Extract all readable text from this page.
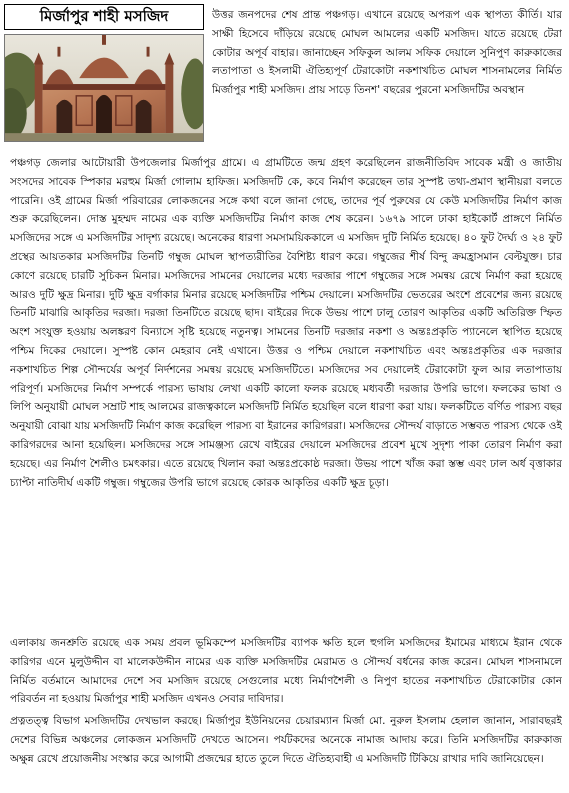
মির্জাপুর শাহী মসজিদ	উত্তর জনপদের শেষ প্রান্ত পঞ্চগড়। এখানে রয়েছে অপরূপ এক স্থাপত্য কীর্তি। যার সাক্ষী হিসেবে দাঁড়িয়ে রয়েছে মোঘল আমলের একটি মসজিদ। যাতে রয়েছে টেরা কোটার অপূর্ব বাহার। জানাচ্ছেন সফিকুল আলম সফিক দেয়ালে সুনিপুণ কারুকাজের লতাপাতা ও ইসলামী ঐতিহ্যপূর্ণ টেরাকোটা নকশাখচিত মোঘল শাসনামলের নির্মিত মির্জাপুর শাহী মসজিদ। প্রায় সাড়ে তিনশ' বছরের পুরনো মসজিদটির অবস্থান

পঞ্চগড় জেলার আটোয়ারী উপজেলার মির্জাপুর গ্রামে। এ গ্রামটিতে জন্ম গ্রহণ করেছিলেন রাজনীতিবিদ সাবেক মন্ত্রী ও জাতীয় সংসদের সাবেক স্পিকার মরহুম মির্জা গোলাম হাফিজ। মসজিদটি কে, কবে নির্মাণ করেছেন তার সুস্পষ্ট তথ্য-প্রমাণ স্থানীয়রা বলতে পারেনি। ওই গ্রামের মির্জা পরিবারের লোকজনের সঙ্গে কথা বলে জানা গেছে, তাদের পূর্ব পুরুষের যে কেউ মসজিদটির নির্মাণ কাজ শুরু করেছিলেন। দোস্ত মুহম্মদ নামের এক ব্যক্তি মসজিদটির নির্মাণ কাজ শেষ করেন। ১৬৭৯ সালে ঢাকা হাইকোর্ট প্রাঙ্গণে নির্মিত মসজিদের সঙ্গে এ মসজিদটির সাদৃশ্য রয়েছে। অনেকের ধারণা সমসাময়িককালে এ মসজিদ দুটি নির্মিত হয়েছে। ৪০ ফুট দৈর্ঘ্য ও ২৪ ফুট প্রস্থের আয়তকার মসজিদটির তিনটি গম্বুজ মোঘল স্থাপত্যরীতির বৈশিষ্ট্য ধারণ করে। গম্বুজের শীর্ষ বিন্দু ক্রমহ্রাসমান বেল্টযুক্ত। চার কোণে রয়েছে চারটি সুচিকন মিনার। মসজিদের সামনের দেয়ালের মধ্যে দরজার পাশে গম্বুজের সঙ্গে সমন্বয় রেখে নির্মাণ করা হয়েছে আরও দুটি ক্ষুদ্র মিনার। দুটি ক্ষুদ্র বর্গাকার মিনার রয়েছে মসজিদটির পশ্চিম দেয়ালে। মসজিদটির ভেতরের অংশে প্রবেশের জন্য রয়েছে তিনটি মাঝারি আকৃতির দরজা। দরজা তিনটিতে রয়েছে ছাদ। বাইরের দিকে উভয় পাশে ঢালু তোরণ আকৃতির একটি অতিরিক্ত স্ফিত অংশ সংযুক্ত হওয়ায় অলঙ্করণ বিন্যাসে সৃষ্টি হয়েছে নতুনত্ব। সামনের তিনটি দরজার নকশা ও অন্তঃপ্রকৃতি প্যানেলে স্থাপিত হয়েছে পশ্চিম দিকের দেয়ালে। সুস্পষ্ট কোন মেহরাব নেই এখানে। উত্তর ও পশ্চিম দেয়ালে নকশাখচিত এবং অন্তঃপ্রকৃতির এক দরজার নকশাখচিত শিল্প সৌন্দর্যের অপূর্ব নির্দশনের সমন্বয় রয়েছে মসজিদটিতে। মসজিদের সব দেয়ালেই টেরাকোটা ফুল আর লতাপাতায় পরিপূর্ণ। মসজিদের নির্মাণ সম্পর্কে পারস্য ভাষায় লেখা একটি কালো ফলক রয়েছে মধ্যবর্তী দরজার উপরি ভাগে। ফলকের ভাষা ও লিপি অনুযায়ী মোঘল সম্রাট শাহ আলমের রাজত্বকালে মসজিদটি নির্মিত হয়েছিল বলে ধারণা করা যায়। ফলকটিতে বর্ণিত পারস্য বছর অনুযায়ী বোঝা যায় মসজিদটি নির্মাণ কাজ করেছিল পারস্য বা ইরানের কারিগররা। মসজিদের সৌন্দর্য বাড়াতে সম্ভবত পারস্য থেকে ওই কারিগরদের আনা হয়েছিল। মসজিদের সঙ্গে সামঞ্জস্য রেখে বাইরের দেয়ালে মসজিদের প্রবেশ মুখে সুদৃশ্য পাকা তোরণ নির্মাণ করা হয়েছে। এর নির্মাণ শৈলীও চমৎকার। এতে রয়েছে খিলান করা অন্তঃপ্রকোষ্ঠ দরজা। উভয় পাশে খাঁজ করা স্তম্ভ এবং ঢাল অর্ধ বৃত্তাকার চ্যাপ্টা নাতিদীর্ঘ একটি গম্বুজ। গম্বুজের উপরি ভাগে রয়েছে কোরক আকৃতির একটি ক্ষুদ্র চূড়া।

এলাকায় জনশ্রুতি রয়েছে এক সময় প্রবল ভূমিকম্পে মসজিদটির ব্যাপক ক্ষতি হলে হুগলি মসজিদের ইমামের মাধ্যমে ইরান থেকে কারিগর এনে মুলুউদ্দীন বা মালেকউদ্দীন নামের এক ব্যক্তি মসজিদটির মেরামত ও সৌন্দর্য বর্ধনের কাজ করেন। মোঘল শাসনামলে নির্মিত বর্তমানে আমাদের দেশে সব মসজিদ রয়েছে সেগুলোর মধ্যে নির্মাণশৈলী ও নিপুণ হাতের নকশাখচিত টেরাকোটার কোন পরিবর্তন না হওয়ায় মির্জাপুর শাহী মসজিদ এখনও সেবার দাবিদার।

প্রত্নতত্ত্ব বিভাগ মসজিদটির দেখভাল করছে। মির্জাপুর ইউনিয়নের চেয়ারম্যান মির্জা মো. নুরুল ইসলাম হেলাল জানান, সারাবছরই দেশের বিভিন্ন অঞ্চলের লোকজন মসজিদটি দেখতে আসেন। পর্যটকদের অনেকে নামাজ আদায় করে। তিনি মসজিদটির কারুকাজ অক্ষুন্ন রেখে প্রয়োজনীয় সংস্কার করে আগামী প্রজন্মের হাতে তুলে দিতে ঐতিহ্যবাহী এ মসজিদটি টিকিয়ে রাখার দাবি জানিয়েছেন।
